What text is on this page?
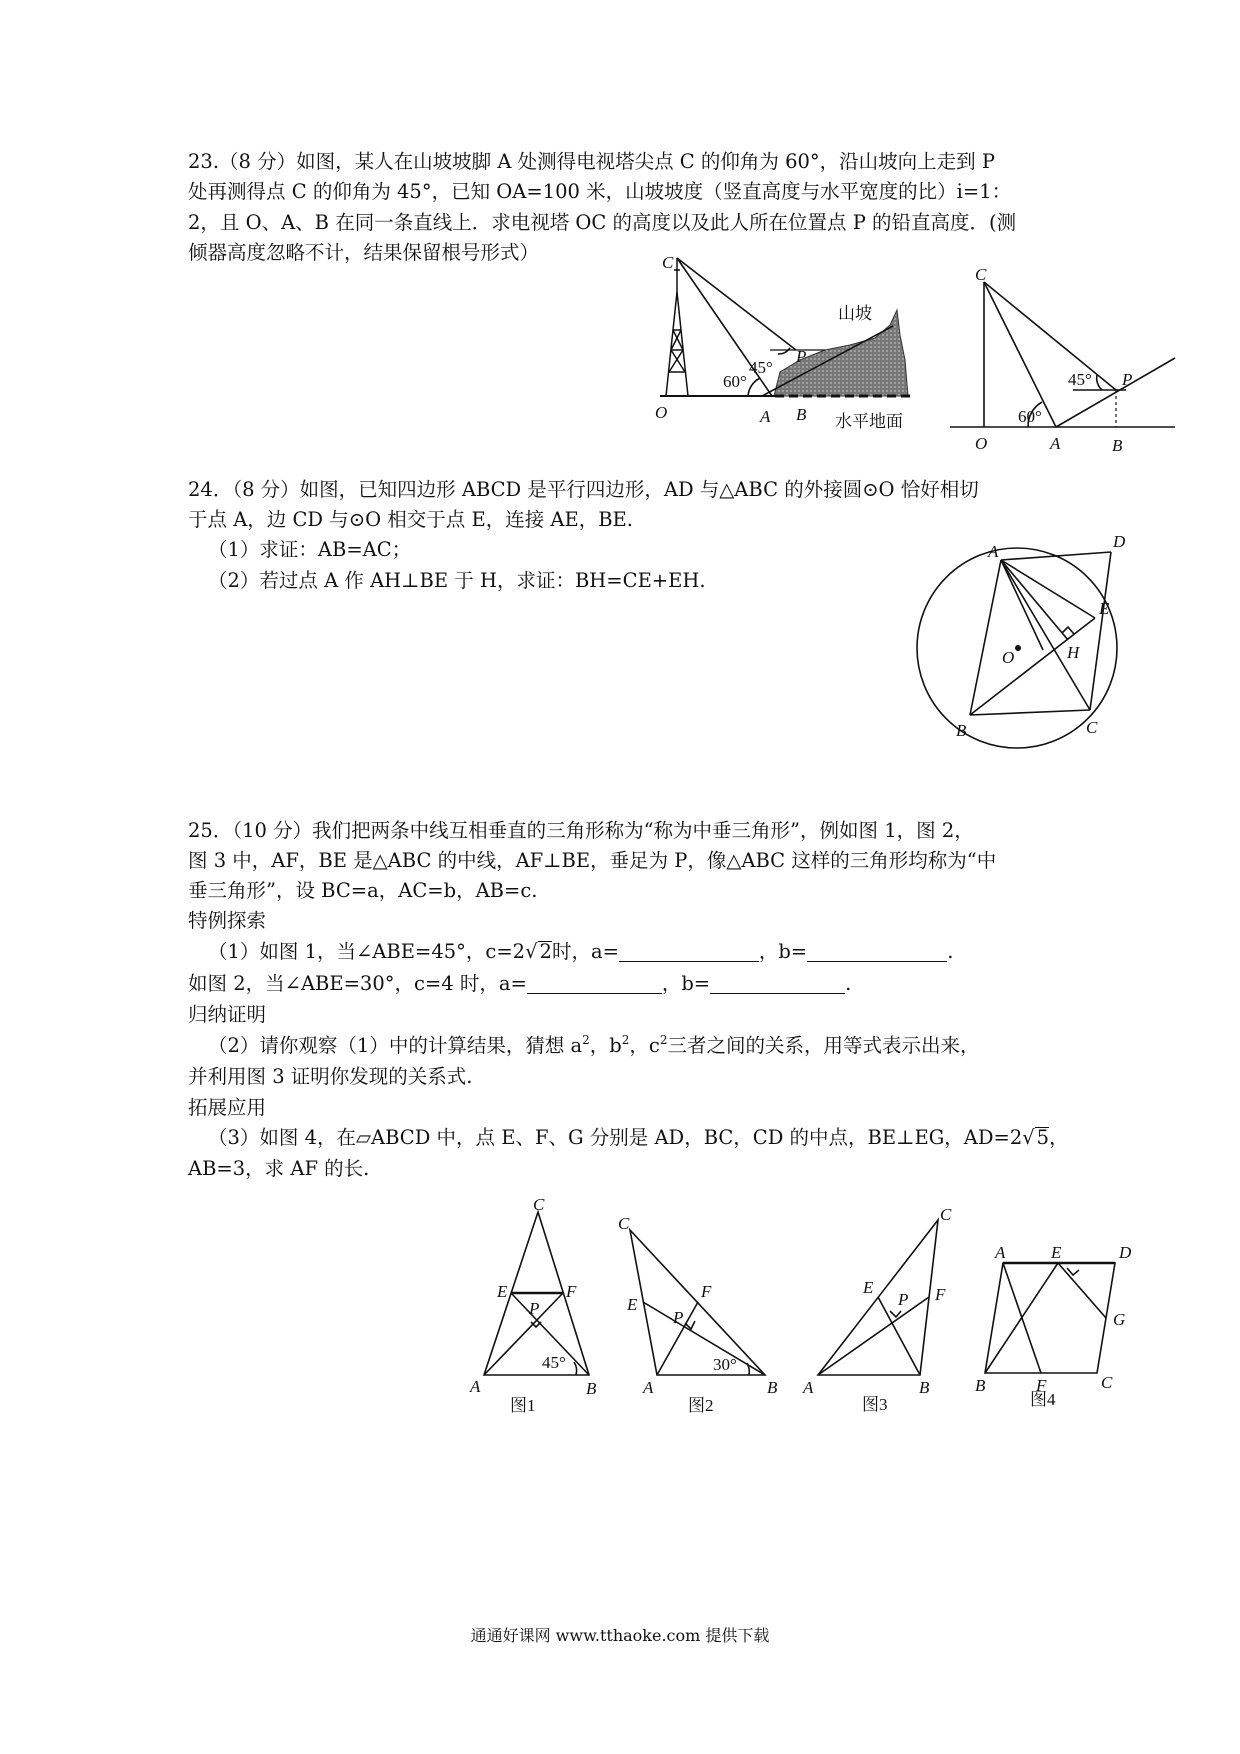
23.（8 分）如图，某人在山坡坡脚 A 处测得电视塔尖点 C 的仰角为 60°，沿山坡向上走到 P
处再测得点 C 的仰角为 45°，已知 OA=100 米，山坡坡度（竖直高度与水平宽度的比）i=1：
2，且 O、A、B 在同一条直线上．求电视塔 OC 的高度以及此人所在位置点 P 的铅直高度．(测
倾器高度忽略不计，结果保留根号形式）	C
O	A B
P
60°
45°
山坡
水平地面
C
O	A	B
P
60°
45°
24．（8 分）如图，已知四边形 ABCD 是平行四边形，AD 与△ABC 的外接圆⊙O 恰好相切
于点 A，边 CD 与⊙O 相交于点 E，连接 AE，BE.
（1）求证：AB=AC；
（2）若过点 A 作 AH⊥BE 于 H，求证：BH=CE+EH.
A
D
E
H
O
C
B
25．（10 分）我们把两条中线互相垂直的三角形称为“称为中垂三角形”，例如图 1，图 2，
图 3 中，AF，BE 是△ABC 的中线，AF⊥BE，垂足为 P，像△ABC 这样的三角形均称为“中
垂三角形”，设 BC=a，AC=b，AB=c.
特例探索
（1）如图 1，当∠ABE=45°，c=2√ 2时，a=	，b=	.
如图 2，当∠ABE=30°，c=4 时，a=	，b=	.
归纳证明
（2）请你观察（1）中的计算结果，猜想 $a^2$，$b^2$，$c^2$三者之间的关系，用等式表示出来，
并利用图 3 证明你发现的关系式.
拓展应用
（3）如图 4，在▱ABCD 中，点 E、F、G 分别是 AD，BC，CD 的中点，BE⊥EG，AD=2√ 5，
AB=3，求 AF 的长.
C
E	F
P
45°
A	B
图1
C
F
E
P
30°
A	B
图2
C
E	F
P
A	B
图3
A	E	D
G
B	F	C
图4
通通好课网 www.tthaoke.com 提供下载
